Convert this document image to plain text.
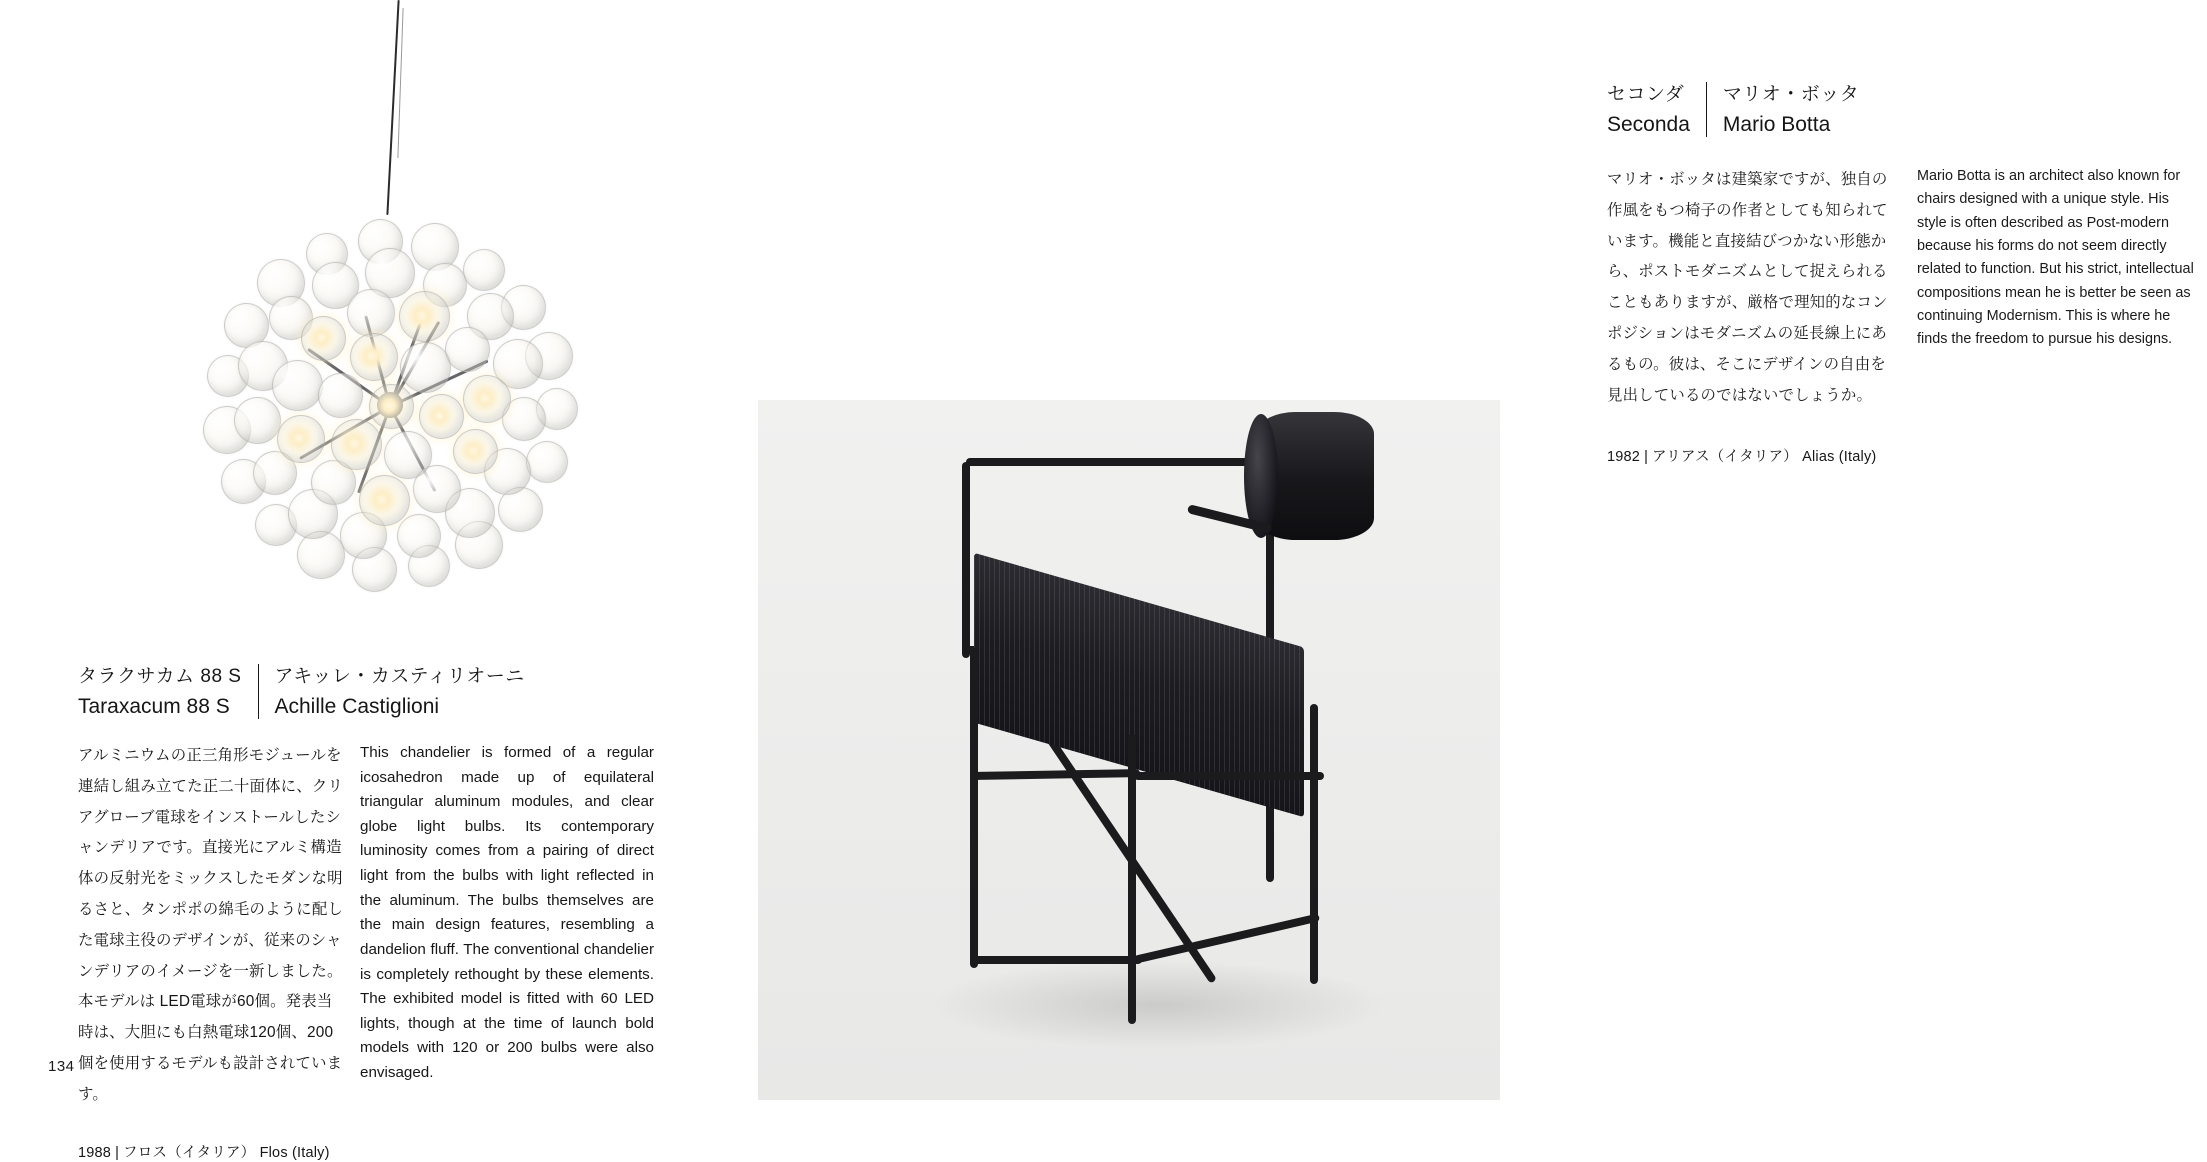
タラクサカム 88 S
Taraxacum 88 S
アキッレ・カスティリオーニ
Achille Castiglioni
アルミニウムの正三角形モジュールを連結し組み立てた正二十面体に、クリアグローブ電球をインストールしたシャンデリアです。直接光にアルミ構造体の反射光をミックスしたモダンな明るさと、タンポポの綿毛のように配した電球主役のデザインが、従来のシャンデリアのイメージを一新しました。本モデルは LED電球が60個。発表当時は、大胆にも白熱電球120個、200個を使用するモデルも設計されています。
This chandelier is formed of a regular icosahedron made up of equilateral triangular aluminum modules, and clear globe light bulbs. Its contemporary luminosity comes from a pairing of direct light from the bulbs with light reflected in the aluminum. The bulbs themselves are the main design features, resembling a dandelion fluff. The conventional chandelier is completely rethought by these elements. The exhibited model is fitted with 60 LED lights, though at the time of launch bold models with 120 or 200 bulbs were also envisaged.
1988 | フロス（イタリア） Flos (Italy)
134
セコンダ
Seconda
マリオ・ボッタ
Mario Botta
マリオ・ボッタは建築家ですが、独自の作風をもつ椅子の作者としても知られています。機能と直接結びつかない形態から、ポストモダニズムとして捉えられることもありますが、厳格で理知的なコンポジションはモダニズムの延長線上にあるもの。彼は、そこにデザインの自由を見出しているのではないでしょうか。
Mario Botta is an architect also known for chairs designed with a unique style. His style is often described as Post-modern because his forms do not seem directly related to function. But his strict, intellectual compositions mean he is better be seen as continuing Modernism. This is where he finds the freedom to pursue his designs.
1982 | アリアス（イタリア） Alias (Italy)
